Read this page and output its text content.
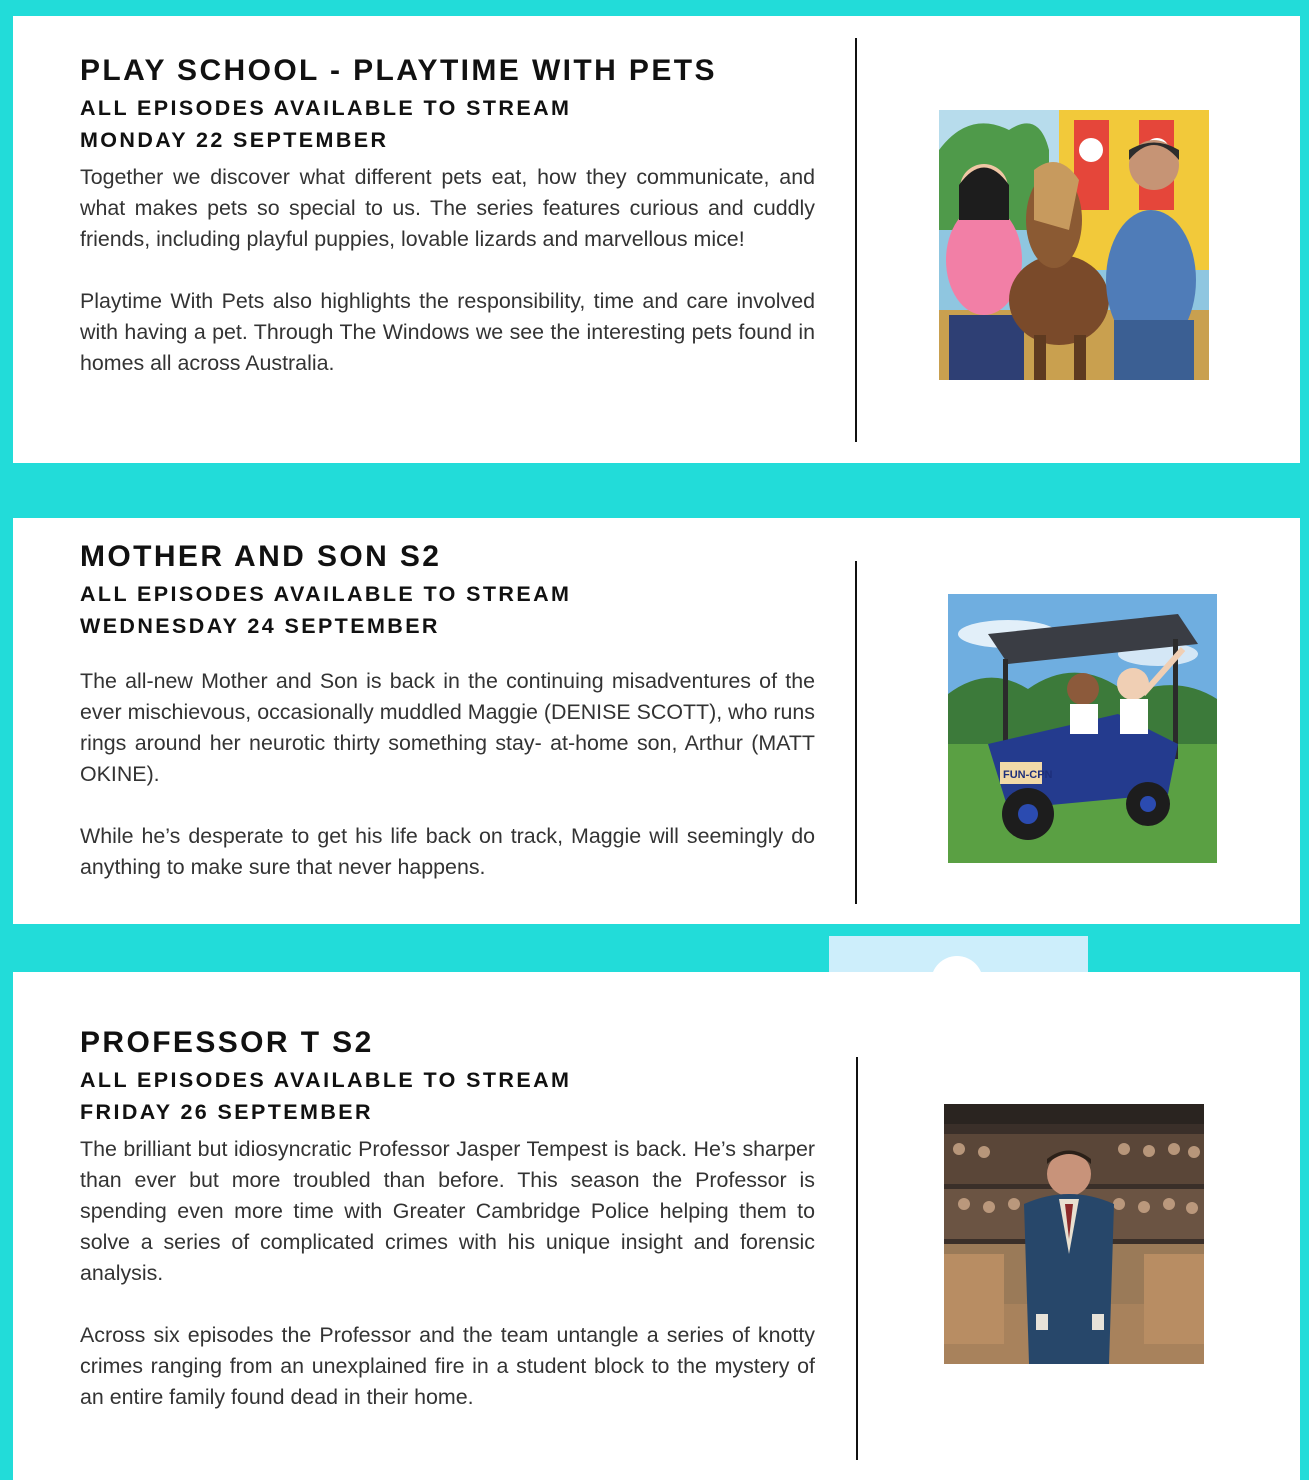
PLAY SCHOOL - PLAYTIME WITH PETS
ALL EPISODES AVAILABLE TO STREAM
MONDAY 22 SEPTEMBER

Together we discover what different pets eat, how they communicate, and what makes pets so special to us. The series features curious and cuddly friends, including playful puppies, lovable lizards and marvellous mice!

Playtime With Pets also highlights the responsibility, time and care involved with having a pet. Through The Windows we see the interesting pets found in homes all across Australia.

MOTHER AND SON S2
ALL EPISODES AVAILABLE TO STREAM
WEDNESDAY 24 SEPTEMBER

The all-new Mother and Son is back in the continuing misadventures of the ever mischievous, occasionally muddled Maggie (DENISE SCOTT), who runs rings around her neurotic thirty something stay- at-home son, Arthur (MATT OKINE).

While he’s desperate to get his life back on track, Maggie will seemingly do anything to make sure that never happens.

FUN-CPN
PROFESSOR T S2
ALL EPISODES AVAILABLE TO STREAM
FRIDAY 26 SEPTEMBER

The brilliant but idiosyncratic Professor Jasper Tempest is back. He’s sharper than ever but more troubled than before. This season the Professor is spending even more time with Greater Cambridge Police helping them to solve a series of complicated crimes with his unique insight and forensic analysis.

Across six episodes the Professor and the team untangle a series of knotty crimes ranging from an unexplained fire in a student block to the mystery of an entire family found dead in their home.
